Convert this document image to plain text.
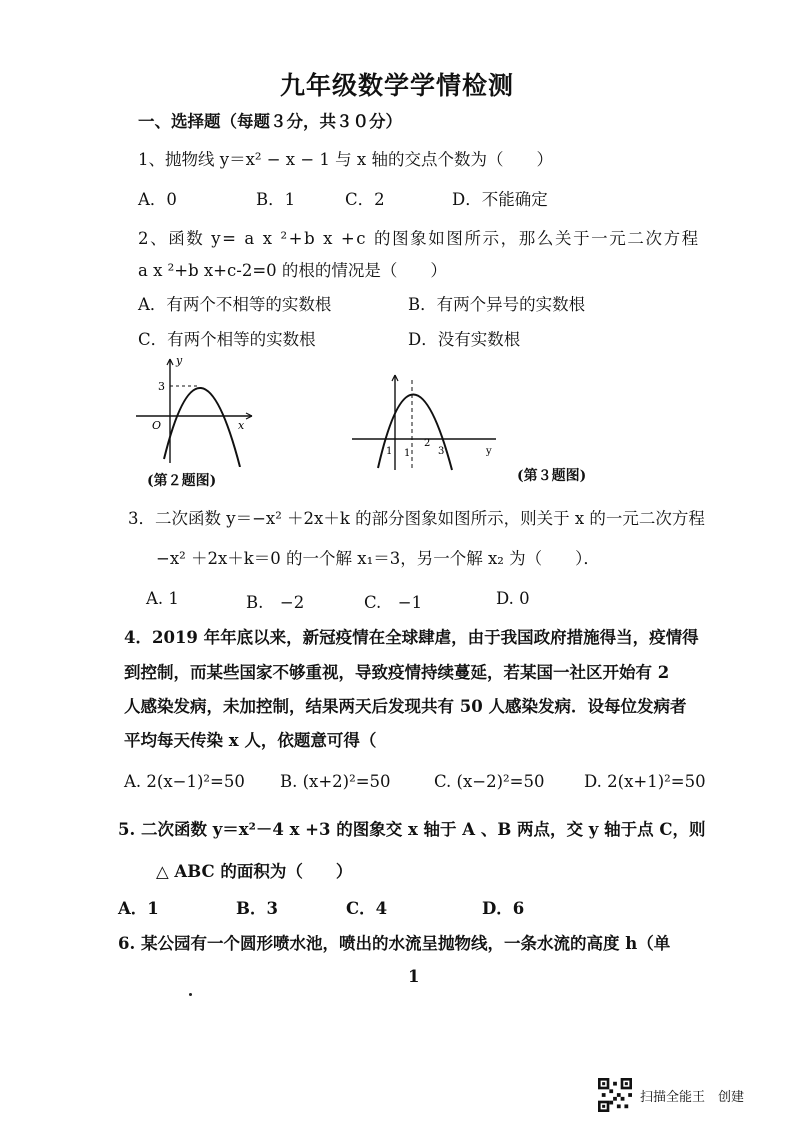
九年级数学学情检测
一、选择题（每题３分，共３０分）
1、抛物线 y＝x² − x − 1 与 x 轴的交点个数为（　　）
A．0	B．1	C．2	D．不能确定
2、函数 y= a x ²+b x +c 的图象如图所示，那么关于一元二次方程
a x ²+b x+c-2=0 的根的情况是（　　）
A．有两个不相等的实数根	B．有两个异号的实数根
C．有两个相等的实数根	D．没有实数根
y
x
O
3
(第２题图)
1 1
2
3	y
(第３题图)
3．二次函数 y＝−x² ＋2x＋k 的部分图象如图所示，则关于 x 的一元二次方程
−x² ＋2x＋k＝0 的一个解 x₁＝3，另一个解 x₂ 为（　　）．
A. 1	B.　−2	C.　−1	D. 0
4．2019 年年底以来，新冠疫情在全球肆虐，由于我国政府措施得当，疫情得
到控制，而某些国家不够重视，导致疫情持续蔓延，若某国一社区开始有 2
人感染发病，未加控制，结果两天后发现共有 50 人感染发病．设每位发病者
平均每天传染 x 人，依题意可得（
A. 2(x−1)²=50 B. (x+2)²=50	C. (x−2)²=50 D. 2(x+1)²=50
5. 二次函数 y＝x²－4 x +3 的图象交 x 轴于 A 、B 两点，交 y 轴于点 C，则
△ ABC 的面积为（　　）
A．1	B．3	C．4	D．6
6. 某公园有一个圆形喷水池，喷出的水流呈抛物线，一条水流的高度 h（单
1
扫描全能王　创建
